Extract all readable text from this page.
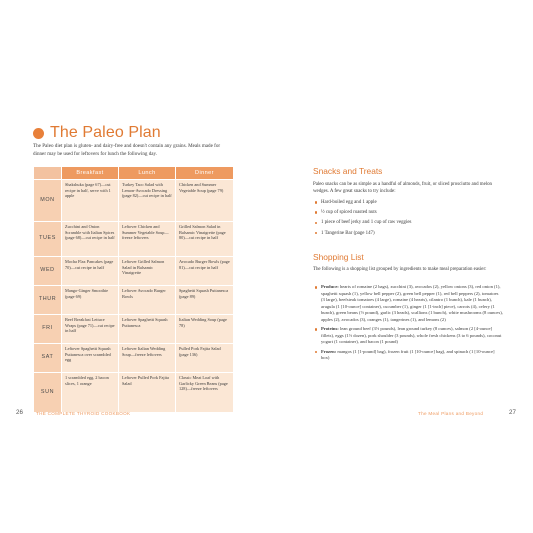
The Paleo Plan
The Paleo diet plan is gluten- and dairy-free and doesn't contain any grains. Meals made for dinner may be used for leftovers for lunch the following day.
	Breakfast	Lunch	Dinner
MON	Shakshuka (page 67)—cut recipe in half, serve with 1 apple	Turkey Taco Salad with Lemon-Avocado Dressing (page 82)—cut recipe in half	Chicken and Summer Vegetable Soup (page 79)
TUES	Zucchini and Onion Scramble with Italian Spices (page 68)—cut recipe in half	Leftover Chicken and Summer Vegetable Soup—freeze leftovers	Grilled Salmon Salad in Balsamic Vinaigrette (page 80)—cut recipe in half
WED	Mocha Flax Pancakes (page 70)—cut recipe in half	Leftover Grilled Salmon Salad in Balsamic Vinaigrette	Avocado Burger Bowls (page 81)—cut recipe in half
THUR	Mango-Ginger Smoothie (page 69)	Leftover Avocado Burger Bowls	Spaghetti Squash Puttanesca (page 89)
FRI	Beef Breakfast Lettuce Wraps (page 71)—cut recipe in half	Leftover Spaghetti Squash Puttanesca	Italian Wedding Soup (page 78)
SAT	Leftover Spaghetti Squash Puttanesca over scrambled egg	Leftover Italian Wedding Soup—freeze leftovers	Pulled Pork Fajita Salad (page 136)
SUN	1 scrambled egg, 2 bacon slices, 1 orange	Leftover Pulled Pork Fajita Salad	Classic Meat Loaf with Garlicky Green Beans (page 128)—freeze leftovers
26	THE COMPLETE THYROID COOKBOOK
Snacks and Treats
Paleo snacks can be as simple as a handful of almonds, fruit, or sliced prosciutto and melon wedges. A few great snacks to try include:
Hard-boiled egg and 1 apple
½ cup of spiced roasted nuts
1 piece of beef jerky and 1 cup of raw veggies
1 Tangerine Bar (page 147)
Shopping List
The following is a shopping list grouped by ingredients to make meal preparation easier:
Produce: hearts of romaine (2 bags), zucchini (3), avocados (2), yellow onions (3), red onion (1), spaghetti squash (1), yellow bell pepper (2), green bell pepper (1), red bell peppers (2), tomatoes (3 large), beefsteak tomatoes (4 large), romaine (4 hearts), cilantro (1 bunch), kale (1 bunch), arugula (1 [10-ounce] container), cucumber (1), ginger (1 [1-inch] piece), carrots (4), celery (1 bunch), green beans (½ pound), garlic (3 heads), scallions (1 bunch), white mushrooms (8 ounces), apples (2), avocados (3), oranges (1), tangerines (1), and lemons (2)
Proteins: lean ground beef (3½ pounds), lean ground turkey (8 ounces), salmon (2 [4-ounce] fillets), eggs (1½ dozen), pork shoulder (3 pounds), whole fresh chickens (3 to 6 pounds), coconut yogurt (1 container), and bacon (1 pound)
Frozen: mangos (1 [1-pound] bag), frozen fruit (1 [10-ounce] bag), and spinach (1 [10-ounce] box)
The Meal Plans and Beyond	27
